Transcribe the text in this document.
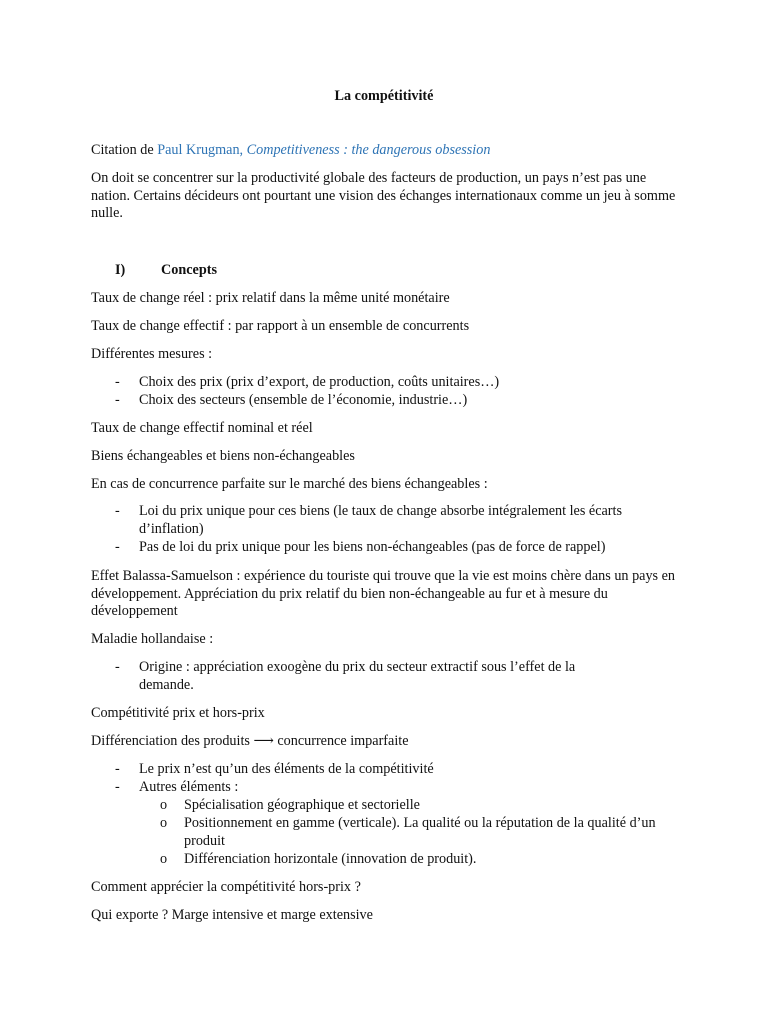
La compétitivité

Citation de Paul Krugman, Competitiveness : the dangerous obsession

On doit se concentrer sur la productivité globale des facteurs de production, un pays n’est pas une nation. Certains décideurs ont pourtant une vision des échanges internationaux comme un jeu à somme nulle.

I)	Concepts

Taux de change réel : prix relatif dans la même unité monétaire

Taux de change effectif : par rapport à un ensemble de concurrents

Différentes mesures :

- Choix des prix (prix d’export, de production, coûts unitaires…)

- Choix des secteurs (ensemble de l’économie, industrie…)

Taux de change effectif nominal et réel

Biens échangeables et biens non-échangeables

En cas de concurrence parfaite sur le marché des biens échangeables :

- Loi du prix unique pour ces biens (le taux de change absorbe intégralement les écarts d’inflation)

- Pas de loi du prix unique pour les biens non-échangeables (pas de force de rappel)

Effet Balassa-Samuelson : expérience du touriste qui trouve que la vie est moins chère dans un pays en développement. Appréciation du prix relatif du bien non-échangeable au fur et à mesure du développement

Maladie hollandaise :

- Origine : appréciation exoogène du prix du secteur extractif sous l’effet de la demande.

Compétitivité prix et hors-prix

Différenciation des produits ⟶ concurrence imparfaite

- Le prix n’est qu’un des éléments de la compétitivité

- Autres éléments :

o Spécialisation géographique et sectorielle

o Positionnement en gamme (verticale). La qualité ou la réputation de la qualité d’un produit

o Différenciation horizontale (innovation de produit).

Comment apprécier la compétitivité hors-prix ?

Qui exporte ? Marge intensive et marge extensive
